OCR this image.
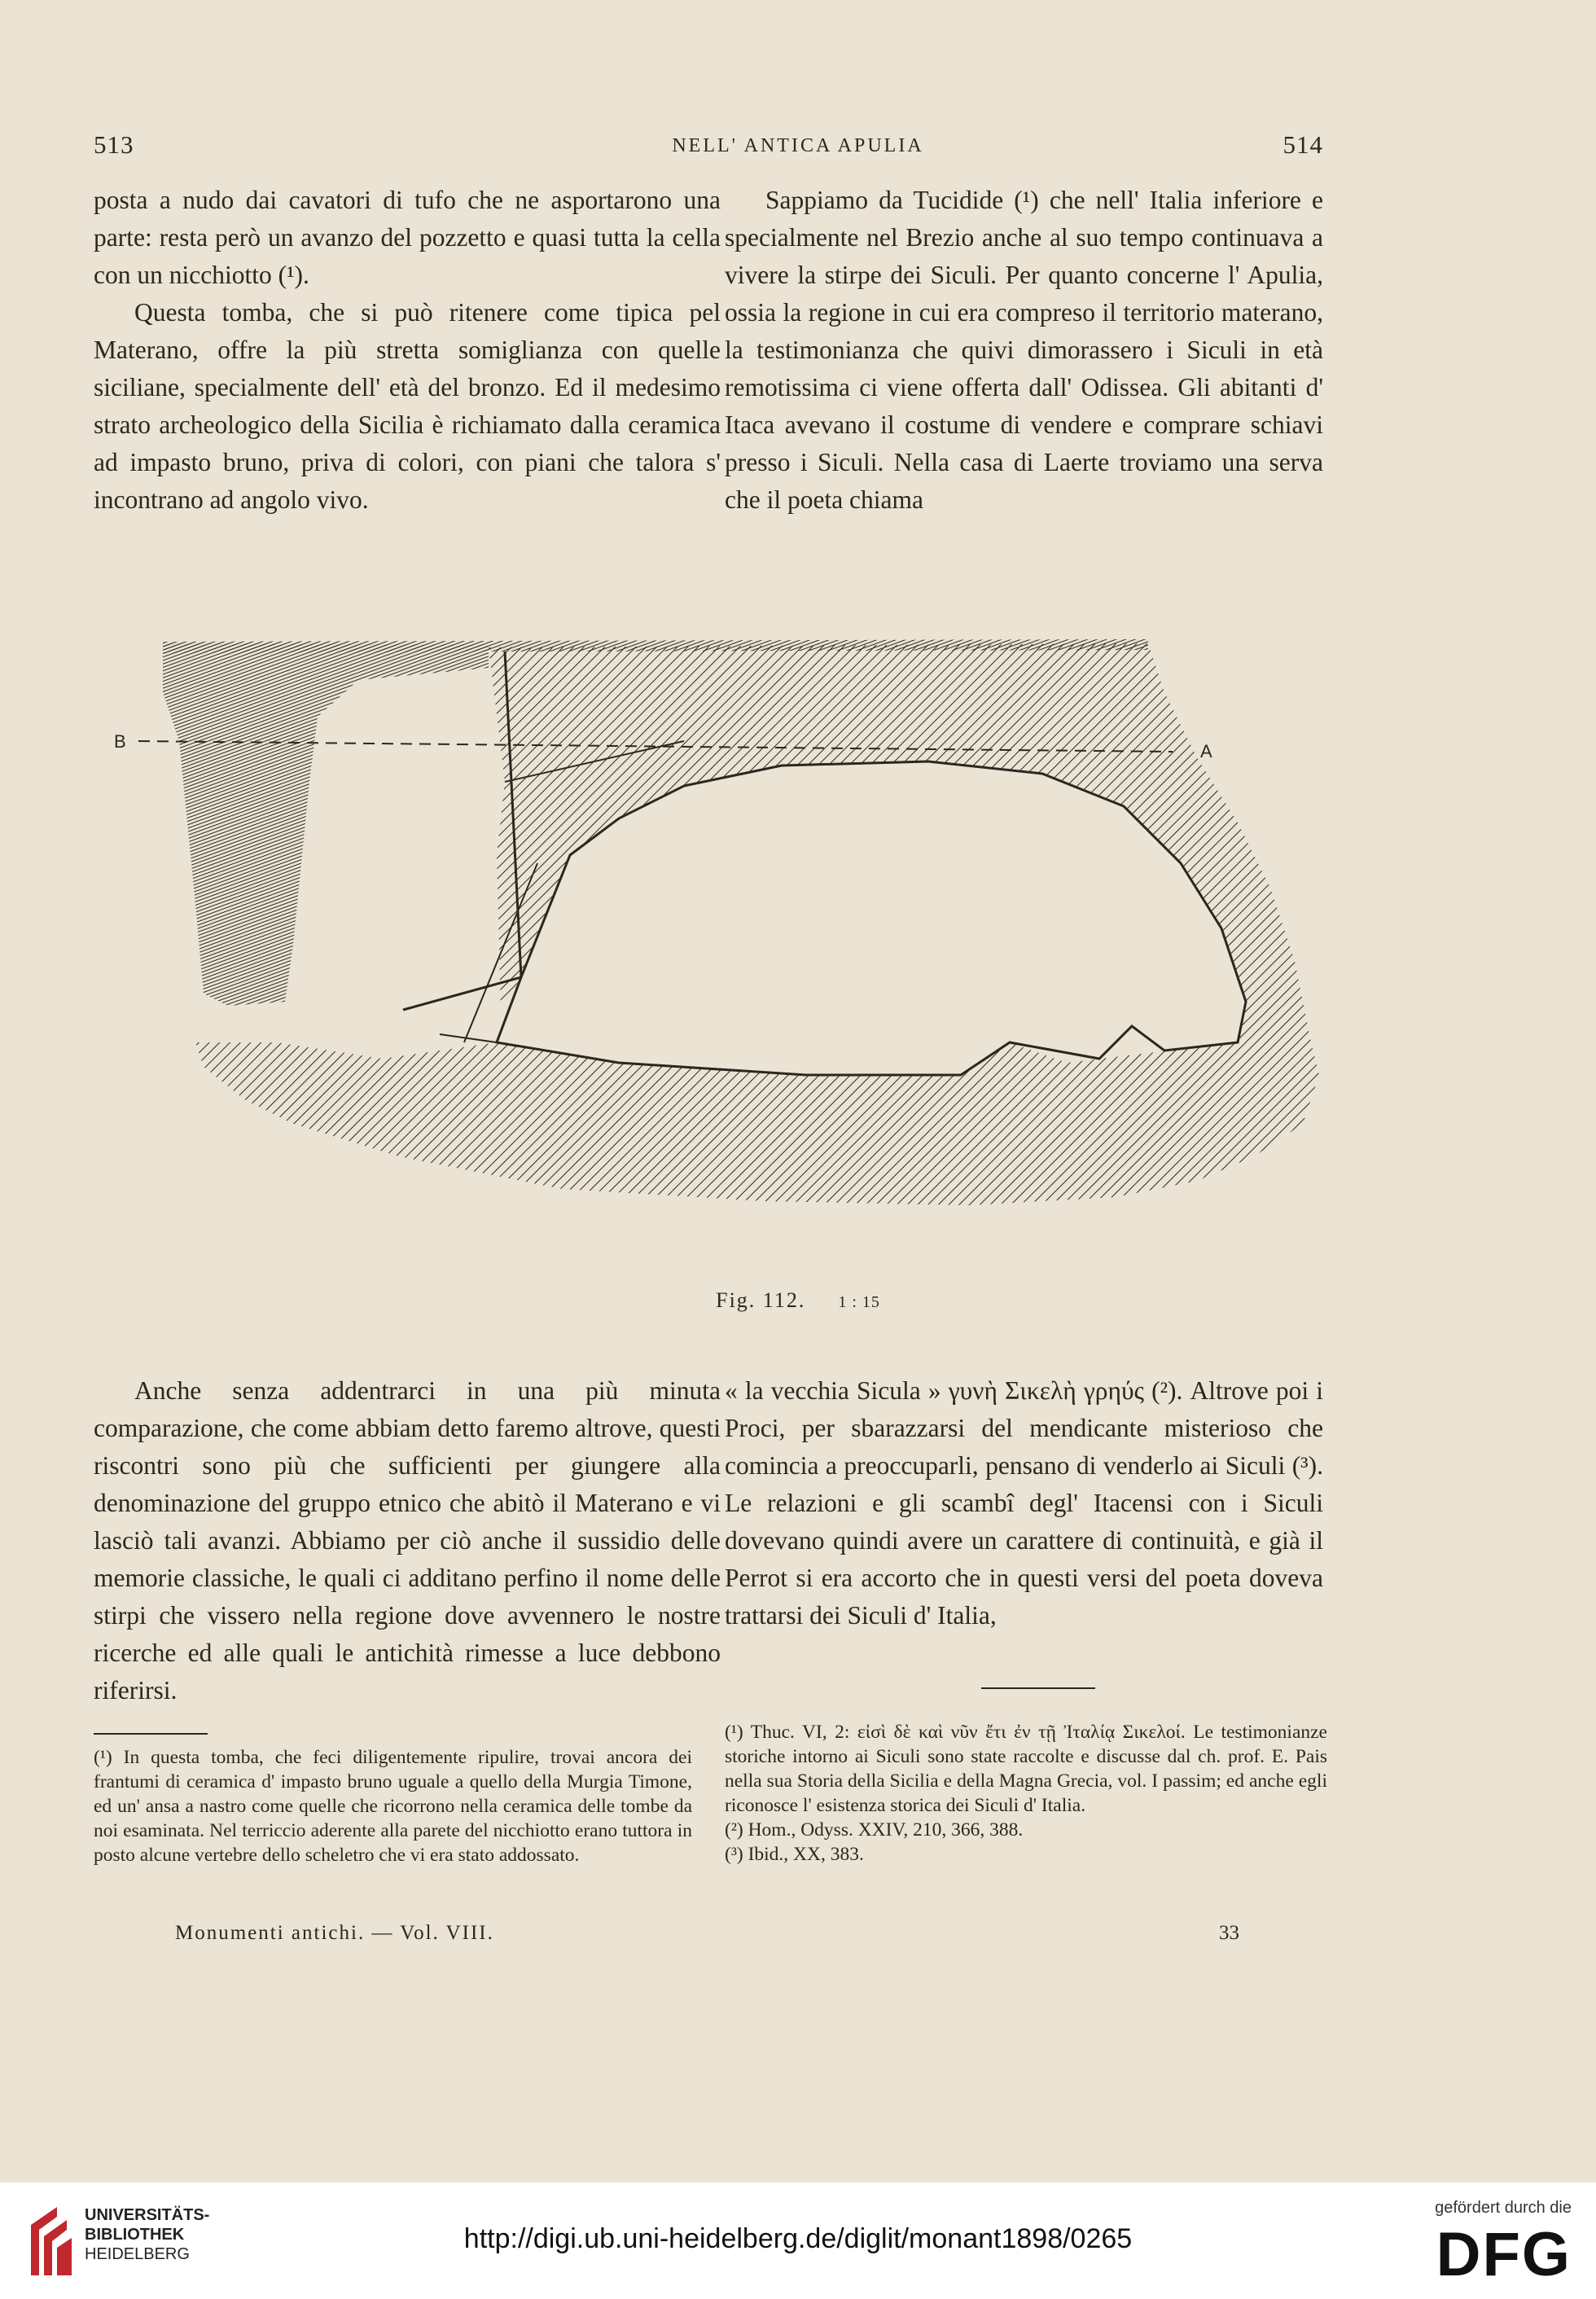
513	NELL' ANTICA APULIA	514

posta a nudo dai cavatori di tufo che ne asportarono una parte: resta però un avanzo del pozzetto e quasi tutta la cella con un nicchiotto (¹).

Questa tomba, che si può ritenere come tipica pel Materano, offre la più stretta somiglianza con quelle siciliane, specialmente dell' età del bronzo. Ed il medesimo strato archeologico della Sicilia è richiamato dalla ceramica ad impasto bruno, priva di colori, con piani che talora s' incontrano ad angolo vivo.

Sappiamo da Tucidide (¹) che nell' Italia inferiore e specialmente nel Brezio anche al suo tempo continuava a vivere la stirpe dei Siculi. Per quanto concerne l' Apulia, ossia la regione in cui era compreso il territorio materano, la testimonianza che quivi dimorassero i Siculi in età remotissima ci viene offerta dall' Odissea. Gli abitanti d' Itaca avevano il costume di vendere e comprare schiavi presso i Siculi. Nella casa di Laerte troviamo una serva che il poeta chiama

B	A
Fig. 112. 1 : 15

Anche senza addentrarci in una più minuta comparazione, che come abbiam detto faremo altrove, questi riscontri sono più che sufficienti per giungere alla denominazione del gruppo etnico che abitò il Materano e vi lasciò tali avanzi. Abbiamo per ciò anche il sussidio delle memorie classiche, le quali ci additano perfino il nome delle stirpi che vissero nella regione dove avvennero le nostre ricerche ed alle quali le antichità rimesse a luce debbono riferirsi.

« la vecchia Sicula » γυνὴ Σικελὴ γρηύς (²). Altrove poi i Proci, per sbarazzarsi del mendicante misterioso che comincia a preoccuparli, pensano di venderlo ai Siculi (³). Le relazioni e gli scambî degl' Itacensi con i Siculi dovevano quindi avere un carattere di continuità, e già il Perrot si era accorto che in questi versi del poeta doveva trattarsi dei Siculi d' Italia,

(¹) In questa tomba, che feci diligentemente ripulire, trovai ancora dei frantumi di ceramica d' impasto bruno uguale a quello della Murgia Timone, ed un' ansa a nastro come quelle che ricorrono nella ceramica delle tombe da noi esaminata. Nel terriccio aderente alla parete del nicchiotto erano tuttora in posto alcune vertebre dello scheletro che vi era stato addossato.

(¹) Thuc. VI, 2: εἰσὶ δὲ καὶ νῦν ἔτι ἐν τῇ Ἰταλίᾳ Σικελοί. Le testimonianze storiche intorno ai Siculi sono state raccolte e discusse dal ch. prof. E. Pais nella sua Storia della Sicilia e della Magna Grecia, vol. I passim; ed anche egli riconosce l' esistenza storica dei Siculi d' Italia.

(²) Hom., Odyss. XXIV, 210, 366, 388.

(³) Ibid., XX, 383.

Monumenti antichi. — Vol. VIII.	33
UNIVERSITÄTS-
BIBLIOTHEK
HEIDELBERG	http://digi.ub.uni-heidelberg.de/diglit/monant1898/0265
gefördert durch die
DFG
